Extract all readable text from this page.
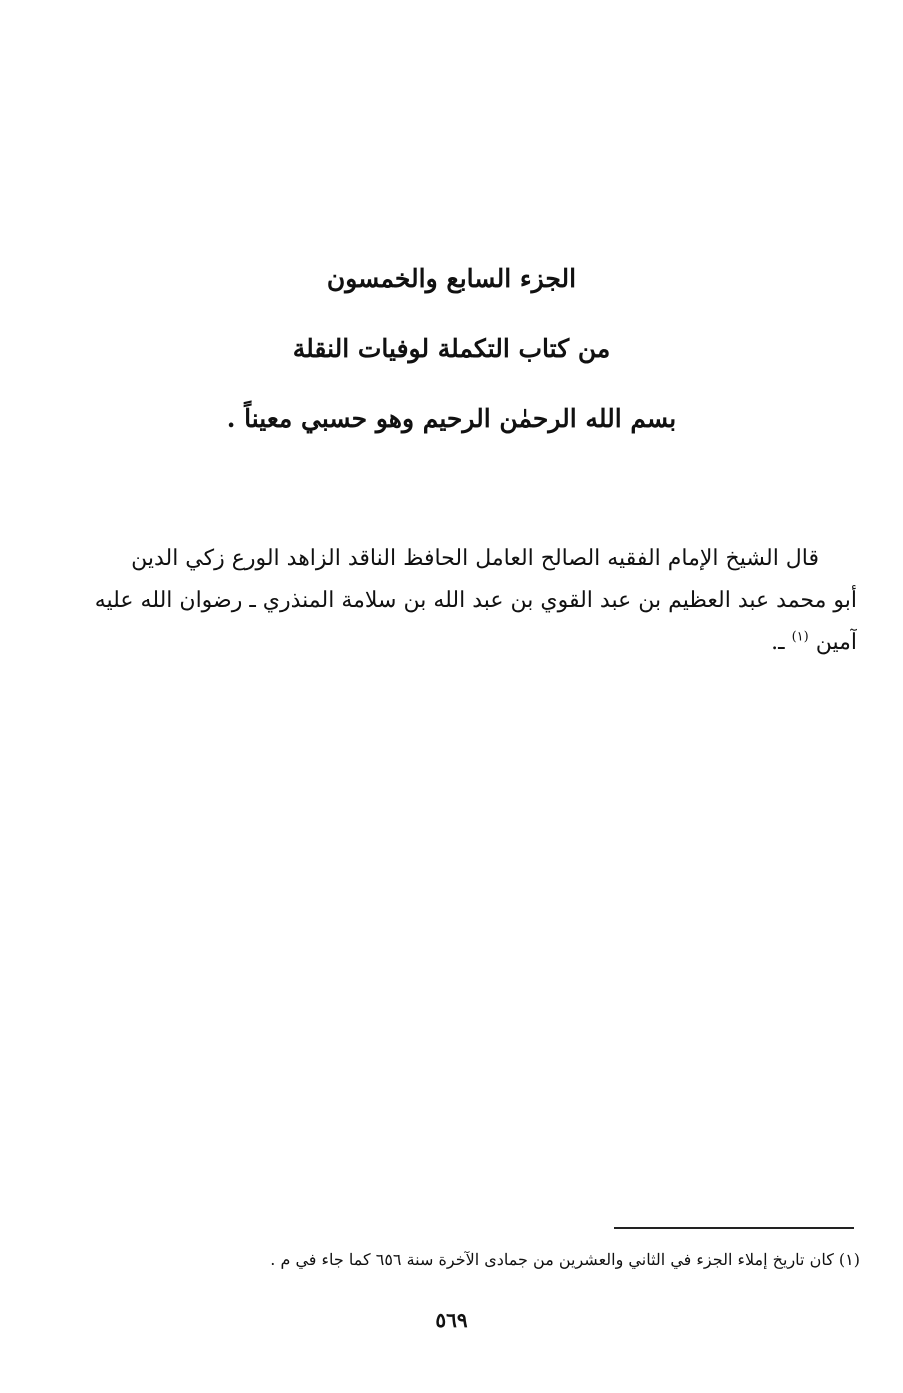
الجزء السابع والخمسون
من كتاب التكملة لوفيات النقلة
بسم الله الرحمٰن الرحيم وهو حسبي معيناً .
قال الشيخ الإمام الفقيه الصالح العامل الحافظ الناقد الزاهد الورع زكي الدين
أبو محمد عبد العظيم بن عبد القوي بن عبد الله بن سلامة المنذري ـ رضوان الله عليه
آمين $^{(١)}$ ـ.
(١) كان تاريخ إملاء الجزء في الثاني والعشرين من جمادى الآخرة سنة ٦٥٦ كما جاء في م .
٥٦٩
